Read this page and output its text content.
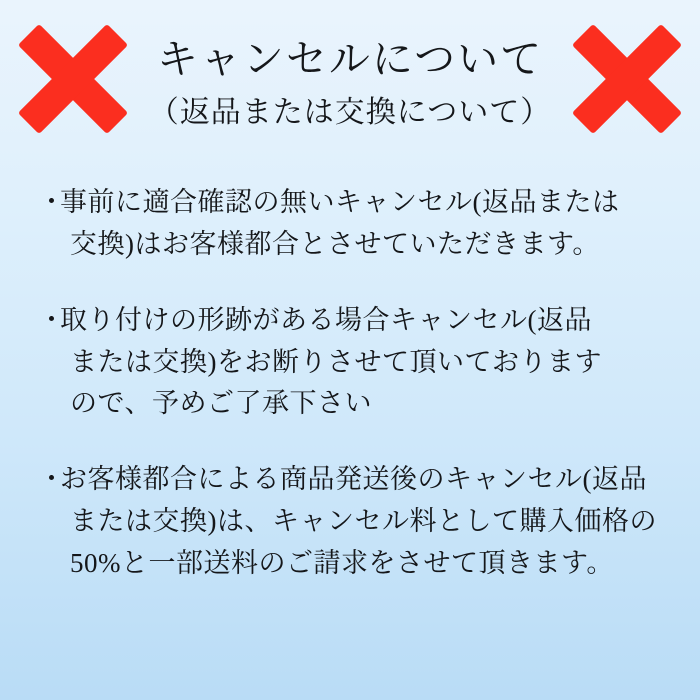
キャンセルについて
（返品または交換について）
・
事前に適合確認の無いキャンセル(返品または
交換)はお客様都合とさせていただきます。
・
取り付けの形跡がある場合キャンセル(返品
または交換)をお断りさせて頂いております
ので、予めご了承下さい
・
お客様都合による商品発送後のキャンセル(返品
または交換)は、キャンセル料として購入価格の
50%と一部送料のご請求をさせて頂きます。
